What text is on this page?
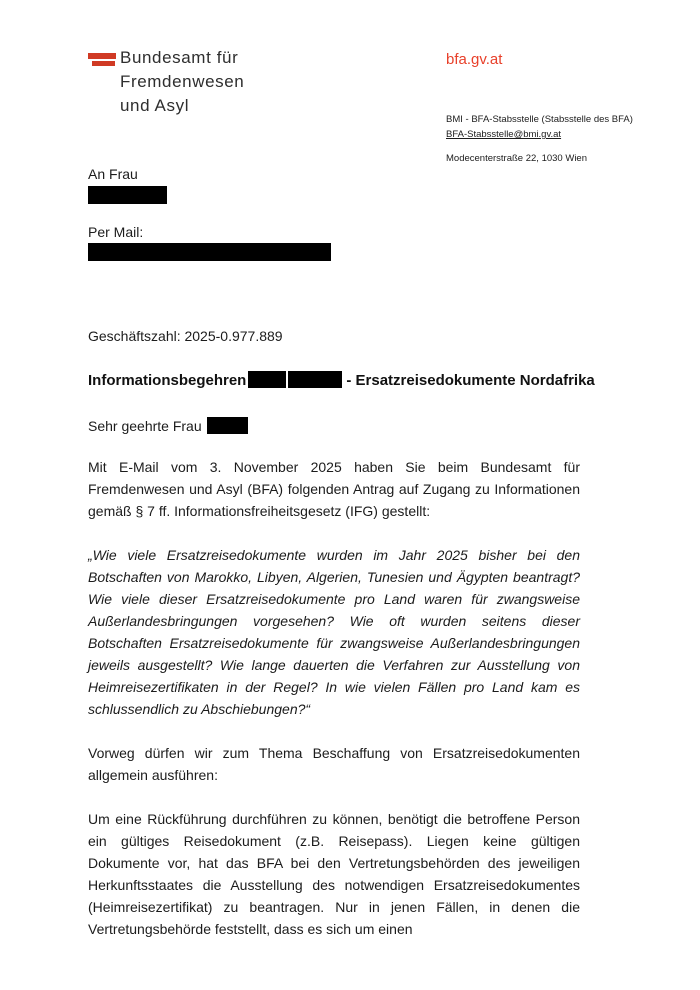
Bundesamt für
Fremdenwesen
und Asyl
bfa.gv.at
BMI - BFA-Stabsstelle (Stabsstelle des BFA)
BFA-Stabsstelle@bmi.gv.at
Modecenterstraße 22, 1030 Wien
An Frau
Per Mail:
Geschäftszahl: 2025-0.977.889
Informationsbegehren	- Ersatzreisedokumente Nordafrika
Sehr geehrte Frau

Mit E-Mail vom 3. November 2025 haben Sie beim Bundesamt für Fremdenwesen und Asyl (BFA) folgenden Antrag auf Zugang zu Informationen gemäß § 7 ff. Informationsfreiheitsgesetz (IFG) gestellt:

„Wie viele Ersatzreisedokumente wurden im Jahr 2025 bisher bei den Botschaften von Marokko, Libyen, Algerien, Tunesien und Ägypten beantragt? Wie viele dieser Ersatzreisedokumente pro Land waren für zwangsweise Außerlandesbringungen vorgesehen? Wie oft wurden seitens dieser Botschaften Ersatzreisedokumente für zwangsweise Außerlandesbringungen jeweils ausgestellt? Wie lange dauerten die Verfahren zur Ausstellung von Heimreisezertifikaten in der Regel? In wie vielen Fällen pro Land kam es schlussendlich zu Abschiebungen?“

Vorweg dürfen wir zum Thema Beschaffung von Ersatzreisedokumenten allgemein ausführen:

Um eine Rückführung durchführen zu können, benötigt die betroffene Person ein gültiges Reisedokument (z.B. Reisepass). Liegen keine gültigen Dokumente vor, hat das BFA bei den Vertretungsbehörden des jeweiligen Herkunftsstaates die Ausstellung des notwendigen Ersatzreisedokumentes (Heimreisezertifikat) zu beantragen. Nur in jenen Fällen, in denen die Vertretungsbehörde feststellt, dass es sich um einen
